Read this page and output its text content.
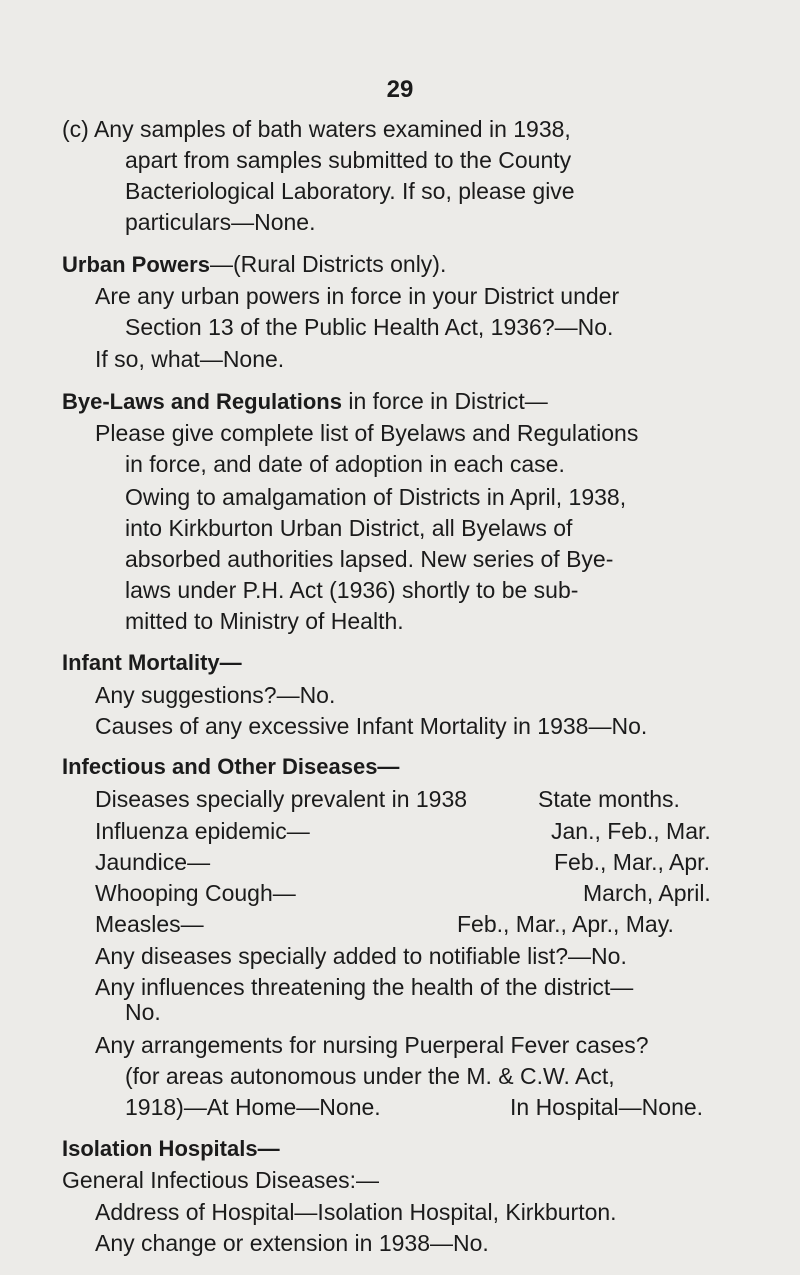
29
(c) Any samples of bath waters examined in 1938,
apart from samples submitted to the County
Bacteriological Laboratory. If so, please give
particulars—None.
Urban Powers—(Rural Districts only).
Are any urban powers in force in your District under
Section 13 of the Public Health Act, 1936?—No.
If so, what—None.
Bye-Laws and Regulations in force in District—
Please give complete list of Byelaws and Regulations
in force, and date of adoption in each case.
Owing to amalgamation of Districts in April, 1938,
into Kirkburton Urban District, all Byelaws of
absorbed authorities lapsed. New series of Bye-
laws under P.H. Act (1936) shortly to be sub-
mitted to Ministry of Health.
Infant Mortality—
Any suggestions?—No.
Causes of any excessive Infant Mortality in 1938—No.
Infectious and Other Diseases—
Diseases specially prevalent in 1938	State months.
Influenza epidemic—	Jan., Feb., Mar.
Jaundice—	Feb., Mar., Apr.
Whooping Cough—	March, April.
Measles—	Feb., Mar., Apr., May.
Any diseases specially added to notifiable list?—No.
Any influences threatening the health of the district—
No.
Any arrangements for nursing Puerperal Fever cases?
(for areas autonomous under the M. & C.W. Act,
1918)—At Home—None.	In Hospital—None.
Isolation Hospitals—
General Infectious Diseases:—
Address of Hospital—Isolation Hospital, Kirkburton.
Any change or extension in 1938—No.
